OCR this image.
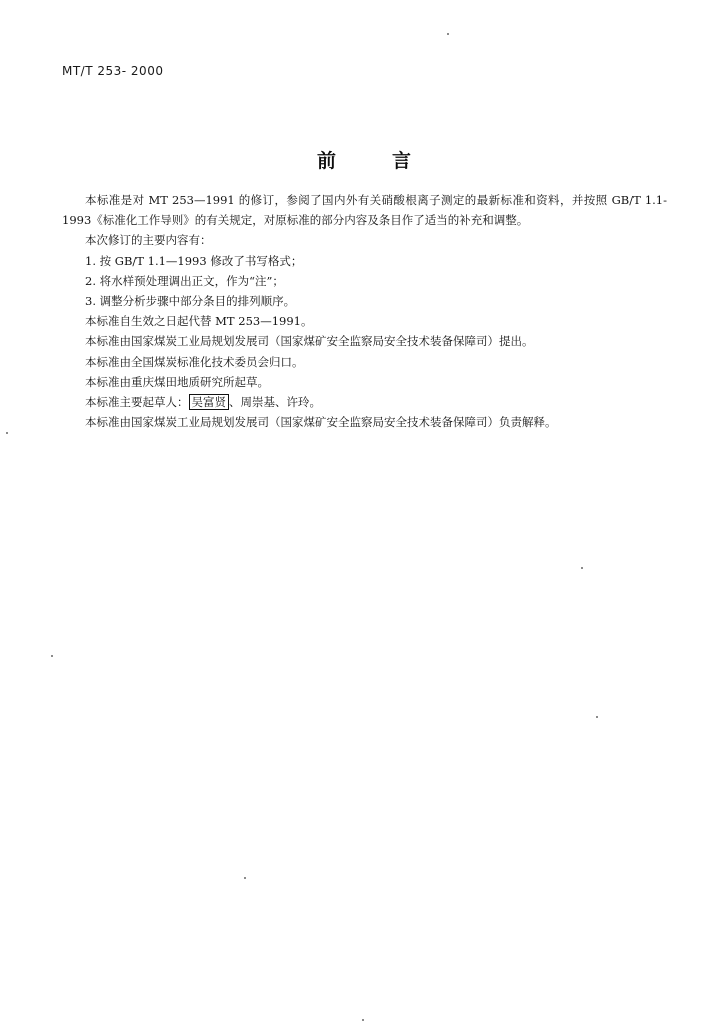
MT/T 253- 2000
前言

本标准是对 MT 253—1991 的修订，参阅了国内外有关硝酸根离子测定的最新标准和资料，并按照 GB/T 1.1- 1993《标准化工作导则》的有关规定，对原标准的部分内容及条目作了适当的补充和调整。

本次修订的主要内容有：

1. 按 GB/T 1.1—1993 修改了书写格式；

2. 将水样预处理调出正文，作为“注”；

3. 调整分析步骤中部分条目的排列顺序。

本标准自生效之日起代替 MT 253—1991。

本标准由国家煤炭工业局规划发展司（国家煤矿安全监察局安全技术装备保障司）提出。

本标准由全国煤炭标准化技术委员会归口。

本标准由重庆煤田地质研究所起草。

本标准主要起草人： 吴富贤 、周崇基、许玲。

本标准由国家煤炭工业局规划发展司（国家煤矿安全监察局安全技术装备保障司）负责解释。
